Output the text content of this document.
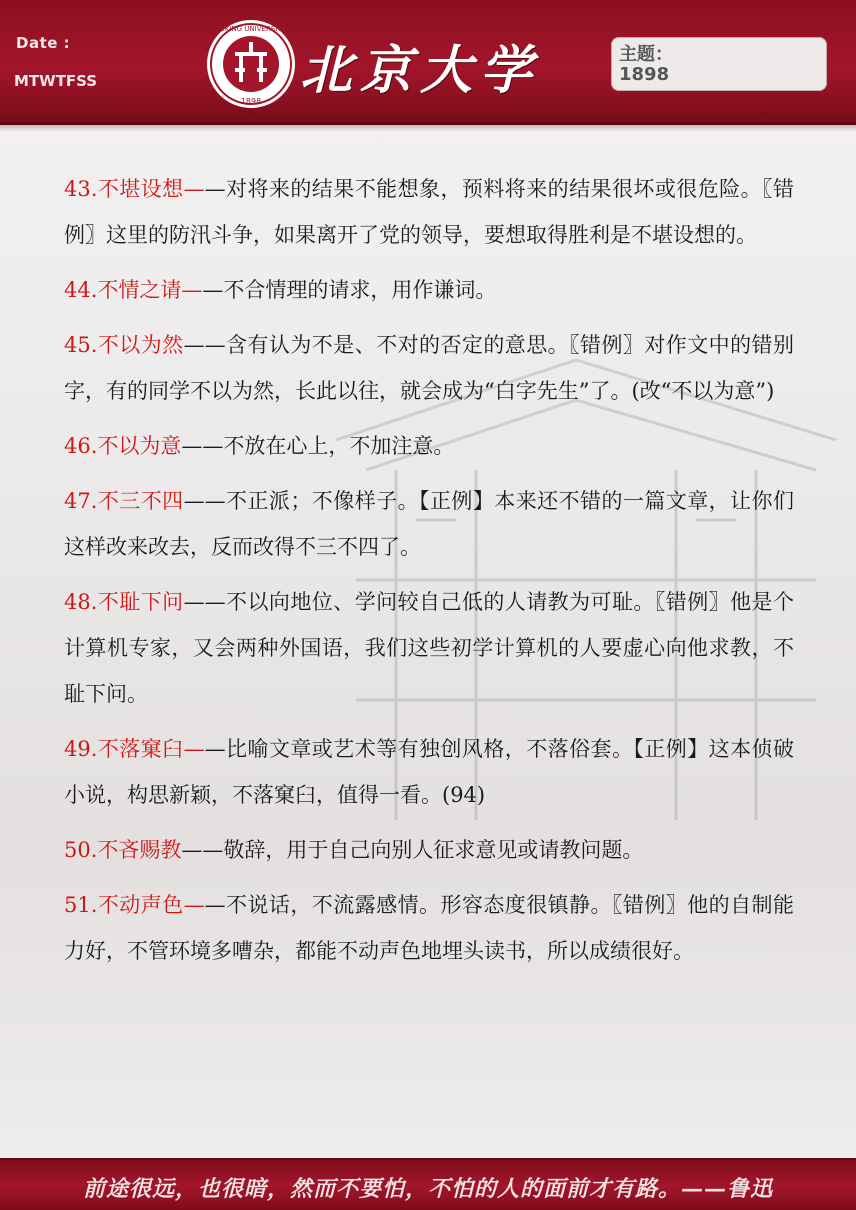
Date :
MTWTFSS
PEKING UNIVERSITY
1898
北京大学	主题：
1898

43.不堪设想——对将来的结果不能想象，预料将来的结果很坏或很危险。〖错例〗这里的防汛斗争，如果离开了党的领导，要想取得胜利是不堪设想的。

44.不情之请——不合情理的请求，用作谦词。

45.不以为然——含有认为不是、不对的否定的意思。〖错例〗对作文中的错别字，有的同学不以为然，长此以往，就会成为“白字先生”了。(改“不以为意”)

46.不以为意——不放在心上，不加注意。

47.不三不四——不正派；不像样子。【正例】本来还不错的一篇文章，让你们这样改来改去，反而改得不三不四了。

48.不耻下问——不以向地位、学问较自己低的人请教为可耻。〖错例〗他是个计算机专家，又会两种外国语，我们这些初学计算机的人要虚心向他求教，不耻下问。

49.不落窠臼——比喻文章或艺术等有独创风格，不落俗套。【正例】这本侦破小说，构思新颖，不落窠臼，值得一看。(94)

50.不吝赐教——敬辞，用于自己向别人征求意见或请教问题。

51.不动声色——不说话，不流露感情。形容态度很镇静。〖错例〗他的自制能力好，不管环境多嘈杂，都能不动声色地埋头读书，所以成绩很好。

前途很远，也很暗，然而不要怕，不怕的人的面前才有路。——鲁迅
